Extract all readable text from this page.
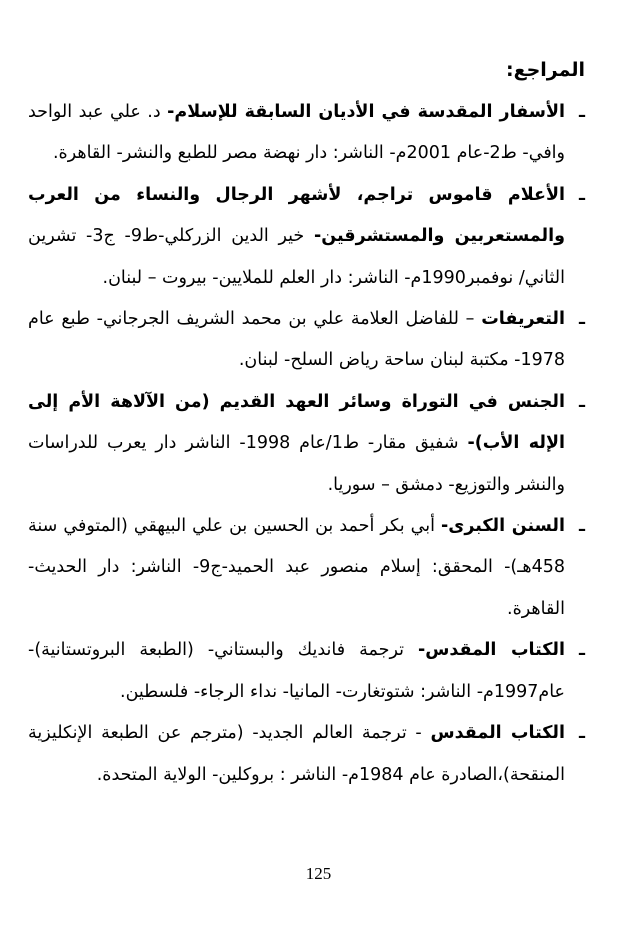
المراجع:
ـ
الأسفار المقدسة في الأديان السابقة للإسلام- د. علي عبد الواحد وافي- ط2-عام 2001م- الناشر: دار نهضة مصر للطبع والنشر- القاهرة.
ـ
الأعلام قاموس تراجم، لأشهر الرجال والنساء من العرب والمستعربين والمستشرقين- خير الدين الزركلي-ط9- ج3- تشرين الثاني/ نوفمبر1990م- الناشر: دار العلم للملايين- بيروت – لبنان.
ـ
التعريفات – للفاضل العلامة علي بن محمد الشريف الجرجاني- طبع عام 1978- مكتبة لبنان ساحة رياض السلح- لبنان.
ـ
الجنس في التوراة وسائر العهد القديم (من الآلاهة الأم إلى الإله الأب)- شفيق مقار- ط1/عام 1998- الناشر دار يعرب للدراسات والنشر والتوزيع- دمشق – سوريا.
ـ
السنن الكبرى- أبي بكر أحمد بن الحسين بن علي البيهقي (المتوفي سنة 458هـ)- المحقق: إسلام منصور عبد الحميد-ج9- الناشر: دار الحديث-القاهرة.
ـ
الكتاب المقدس- ترجمة فانديك والبستاني- (الطبعة البروتستانية)- عام1997م- الناشر: شتوتغارت- المانيا- نداء الرجاء- فلسطين.
ـ
الكتاب المقدس - ترجمة العالم الجديد- (مترجم عن الطبعة الإنكليزية المنقحة)،الصادرة عام 1984م- الناشر : بروكلين- الولاية المتحدة.
125
